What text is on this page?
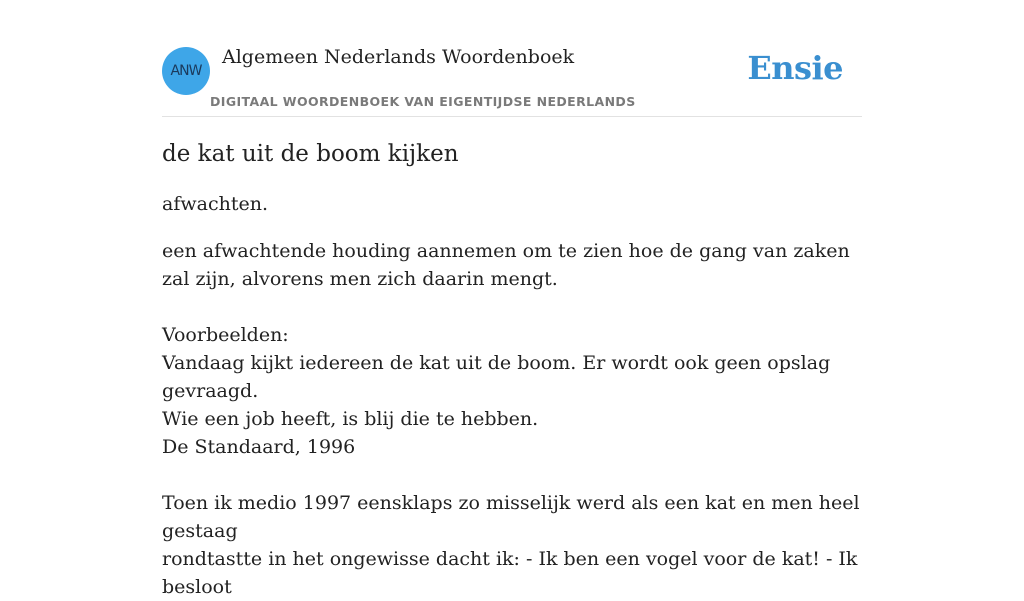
ANW
Algemeen Nederlands Woordenboek
DIGITAAL WOORDENBOEK VAN EIGENTIJDSE NEDERLANDS
Ensie
de kat uit de boom kijken

afwachten.

een afwachtende houding aannemen om te zien hoe de gang van zaken zal zijn, alvorens men zich daarin mengt.
Voorbeelden:
Vandaag kijkt iedereen de kat uit de boom. Er wordt ook geen opslag gevraagd.
Wie een job heeft, is blij die te hebben.
De Standaard, 1996
Toen ik medio 1997 eensklaps zo misselijk werd als een kat en men heel gestaag
rondtastte in het ongewisse dacht ik: - Ik ben een vogel voor de kat! - Ik besloot
